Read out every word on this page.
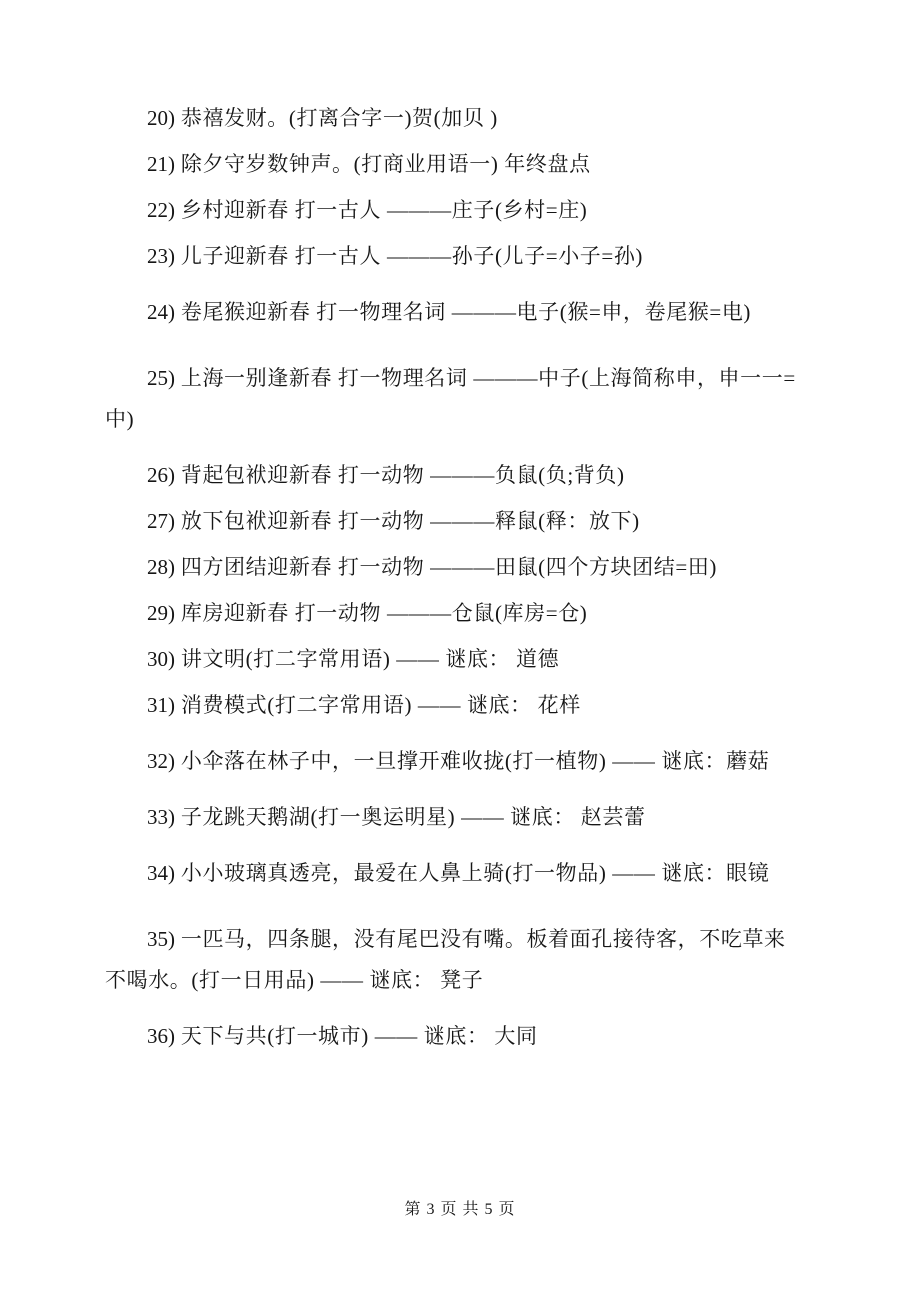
20) 恭禧发财。(打离合字一)贺(加贝 )

21) 除夕守岁数钟声。(打商业用语一) 年终盘点

22) 乡村迎新春 打一古人 ———庄子(乡村=庄)

23) 儿子迎新春 打一古人 ———孙子(儿子=小子=孙)

24) 卷尾猴迎新春 打一物理名词 ———电子(猴=申，卷尾猴=电)

25) 上海一别逢新春 打一物理名词 ———中子(上海简称申，申一一=中)

26) 背起包袱迎新春 打一动物 ———负鼠(负;背负)

27) 放下包袱迎新春 打一动物 ———释鼠(释：放下)

28) 四方团结迎新春 打一动物 ———田鼠(四个方块团结=田)

29) 库房迎新春 打一动物 ———仓鼠(库房=仓)

30) 讲文明(打二字常用语) —— 谜底： 道德

31) 消费模式(打二字常用语) —— 谜底： 花样

32) 小伞落在林子中，一旦撑开难收拢(打一植物) —— 谜底：蘑菇

33) 子龙跳天鹅湖(打一奥运明星) —— 谜底： 赵芸蕾

34) 小小玻璃真透亮，最爱在人鼻上骑(打一物品) —— 谜底：眼镜

35) 一匹马，四条腿，没有尾巴没有嘴。板着面孔接待客，不吃草来不喝水。(打一日用品) —— 谜底： 凳子

36) 天下与共(打一城市) —— 谜底： 大同

第 3 页 共 5 页
